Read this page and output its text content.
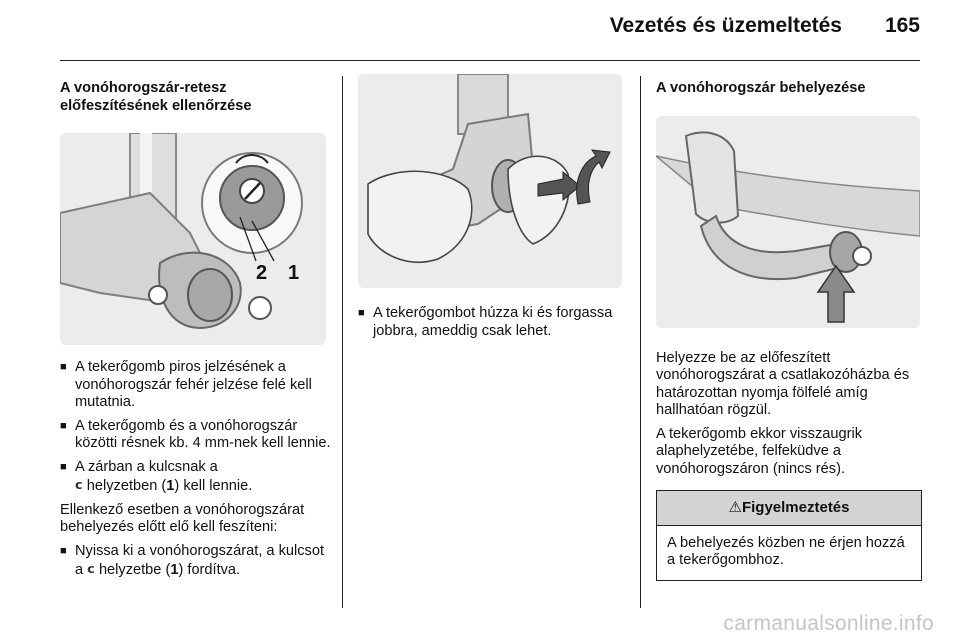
Vezetés és üzemeltetés 165
A vonóhorogszár-retesz
előfeszítésének ellenőrzése
2 1
■ A tekerőgomb piros jelzésének a vonóhorogszár fehér jelzése felé kell mutatnia.
■ A tekerőgomb és a vonóhorogszár közötti résnek kb. 4 mm-nek kell lennie.
■ A zárban a kulcsnak a
𝗰 helyzetben (1) kell lennie.

Ellenkező esetben a vonóhorogszárat behelyezés előtt elő kell feszíteni:

■ Nyissa ki a vonóhorogszárat, a kulcsot a 𝗰 helyzetbe (1) fordítva.
■ A tekerőgombot húzza ki és forgassa jobbra, ameddig csak lehet.
A vonóhorogszár behelyezése

Helyezze be az előfeszített vonóhorogszárat a csatlakozóházba és határozottan nyomja fölfelé amíg hallhatóan rögzül.

A tekerőgomb ekkor visszaugrik alaphelyzetébe, felfeküdve a vonóhorogszáron (nincs rés).

⚠Figyelmeztetés
A behelyezés közben ne érjen hozzá a tekerőgombhoz.
carmanualsonline.info
